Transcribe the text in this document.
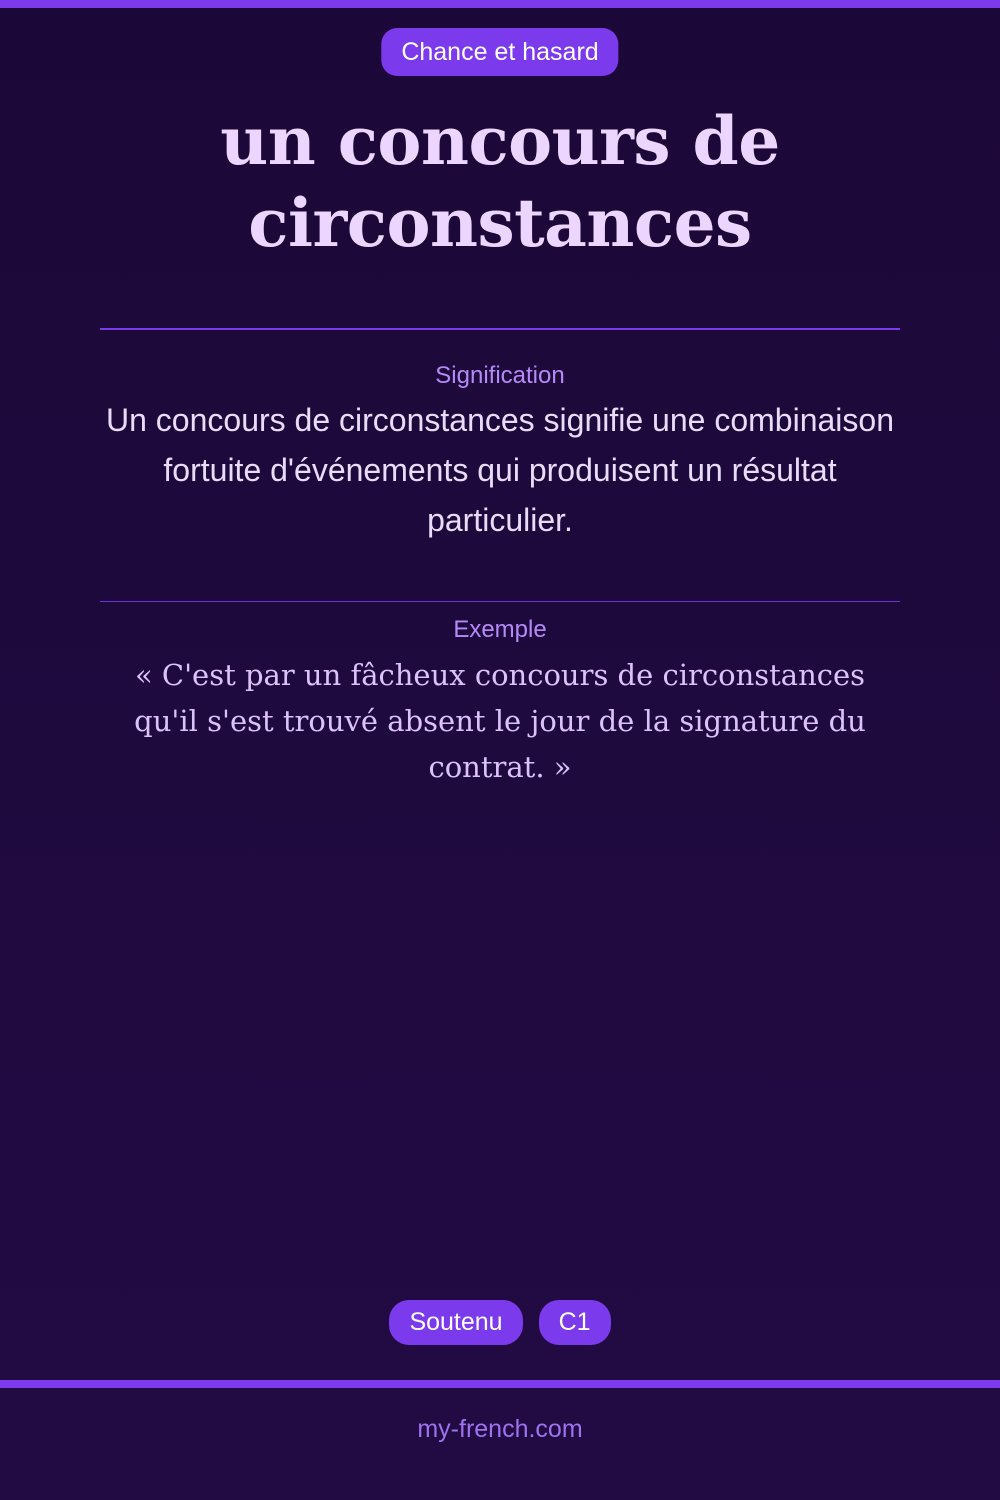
Chance et hasard
un concours de circonstances
Signification

Un concours de circonstances signifie une combinaison fortuite d'événements qui produisent un résultat particulier.

Exemple

« C'est par un fâcheux concours de circonstances qu'il s'est trouvé absent le jour de la signature du contrat. »

Soutenu	C1
my-french.com
